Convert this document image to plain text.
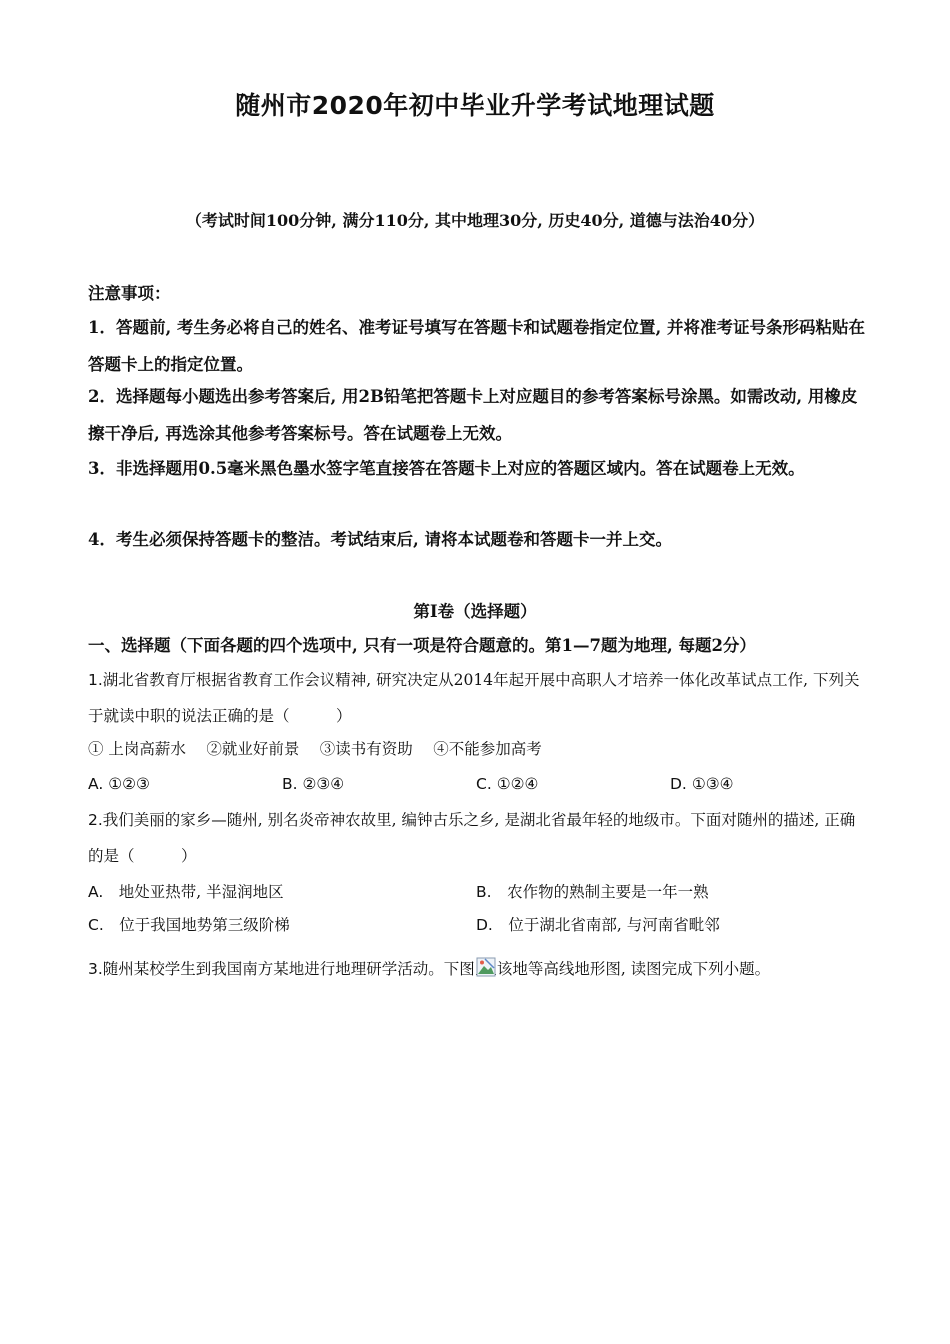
随州市2020年初中毕业升学考试地理试题
（考试时间100分钟, 满分110分, 其中地理30分, 历史40分, 道德与法治40分）
注意事项：
1．答题前, 考生务必将自己的姓名、准考证号填写在答题卡和试题卷指定位置, 并将准考证号条形码粘贴在答题卡上的指定位置。
2．选择题每小题选出参考答案后, 用2B铅笔把答题卡上对应题目的参考答案标号涂黑。如需改动, 用橡皮擦干净后, 再选涂其他参考答案标号。答在试题卷上无效。
3．非选择题用0.5毫米黑色墨水签字笔直接答在答题卡上对应的答题区域内。答在试题卷上无效。
4．考生必须保持答题卡的整洁。考试结束后, 请将本试题卷和答题卡一并上交。
第Ⅰ卷（选择题）
一、选择题（下面各题的四个选项中, 只有一项是符合题意的。第1—7题为地理, 每题2分）
1.湖北省教育厅根据省教育工作会议精神, 研究决定从2014年起开展中高职人才培养一体化改革试点工作, 下列关于就读中职的说法正确的是（　　　）
① 上岗高薪水　 ②就业好前景　 ③读书有资助　 ④不能参加高考
A. ①②③	B. ②③④	C. ①②④	D. ①③④
2.我们美丽的家乡—随州, 别名炎帝神农故里, 编钟古乐之乡, 是湖北省最年轻的地级市。下面对随州的描述, 正确的是（　　　）
A.　 地处亚热带, 半湿润地区	B.　 农作物的熟制主要是一年一熟
C.　 位于我国地势第三级阶梯	D.　 位于湖北省南部, 与河南省毗邻
3.随州某校学生到我国南方某地进行地理研学活动。下图 该地等高线地形图, 读图完成下列小题。
